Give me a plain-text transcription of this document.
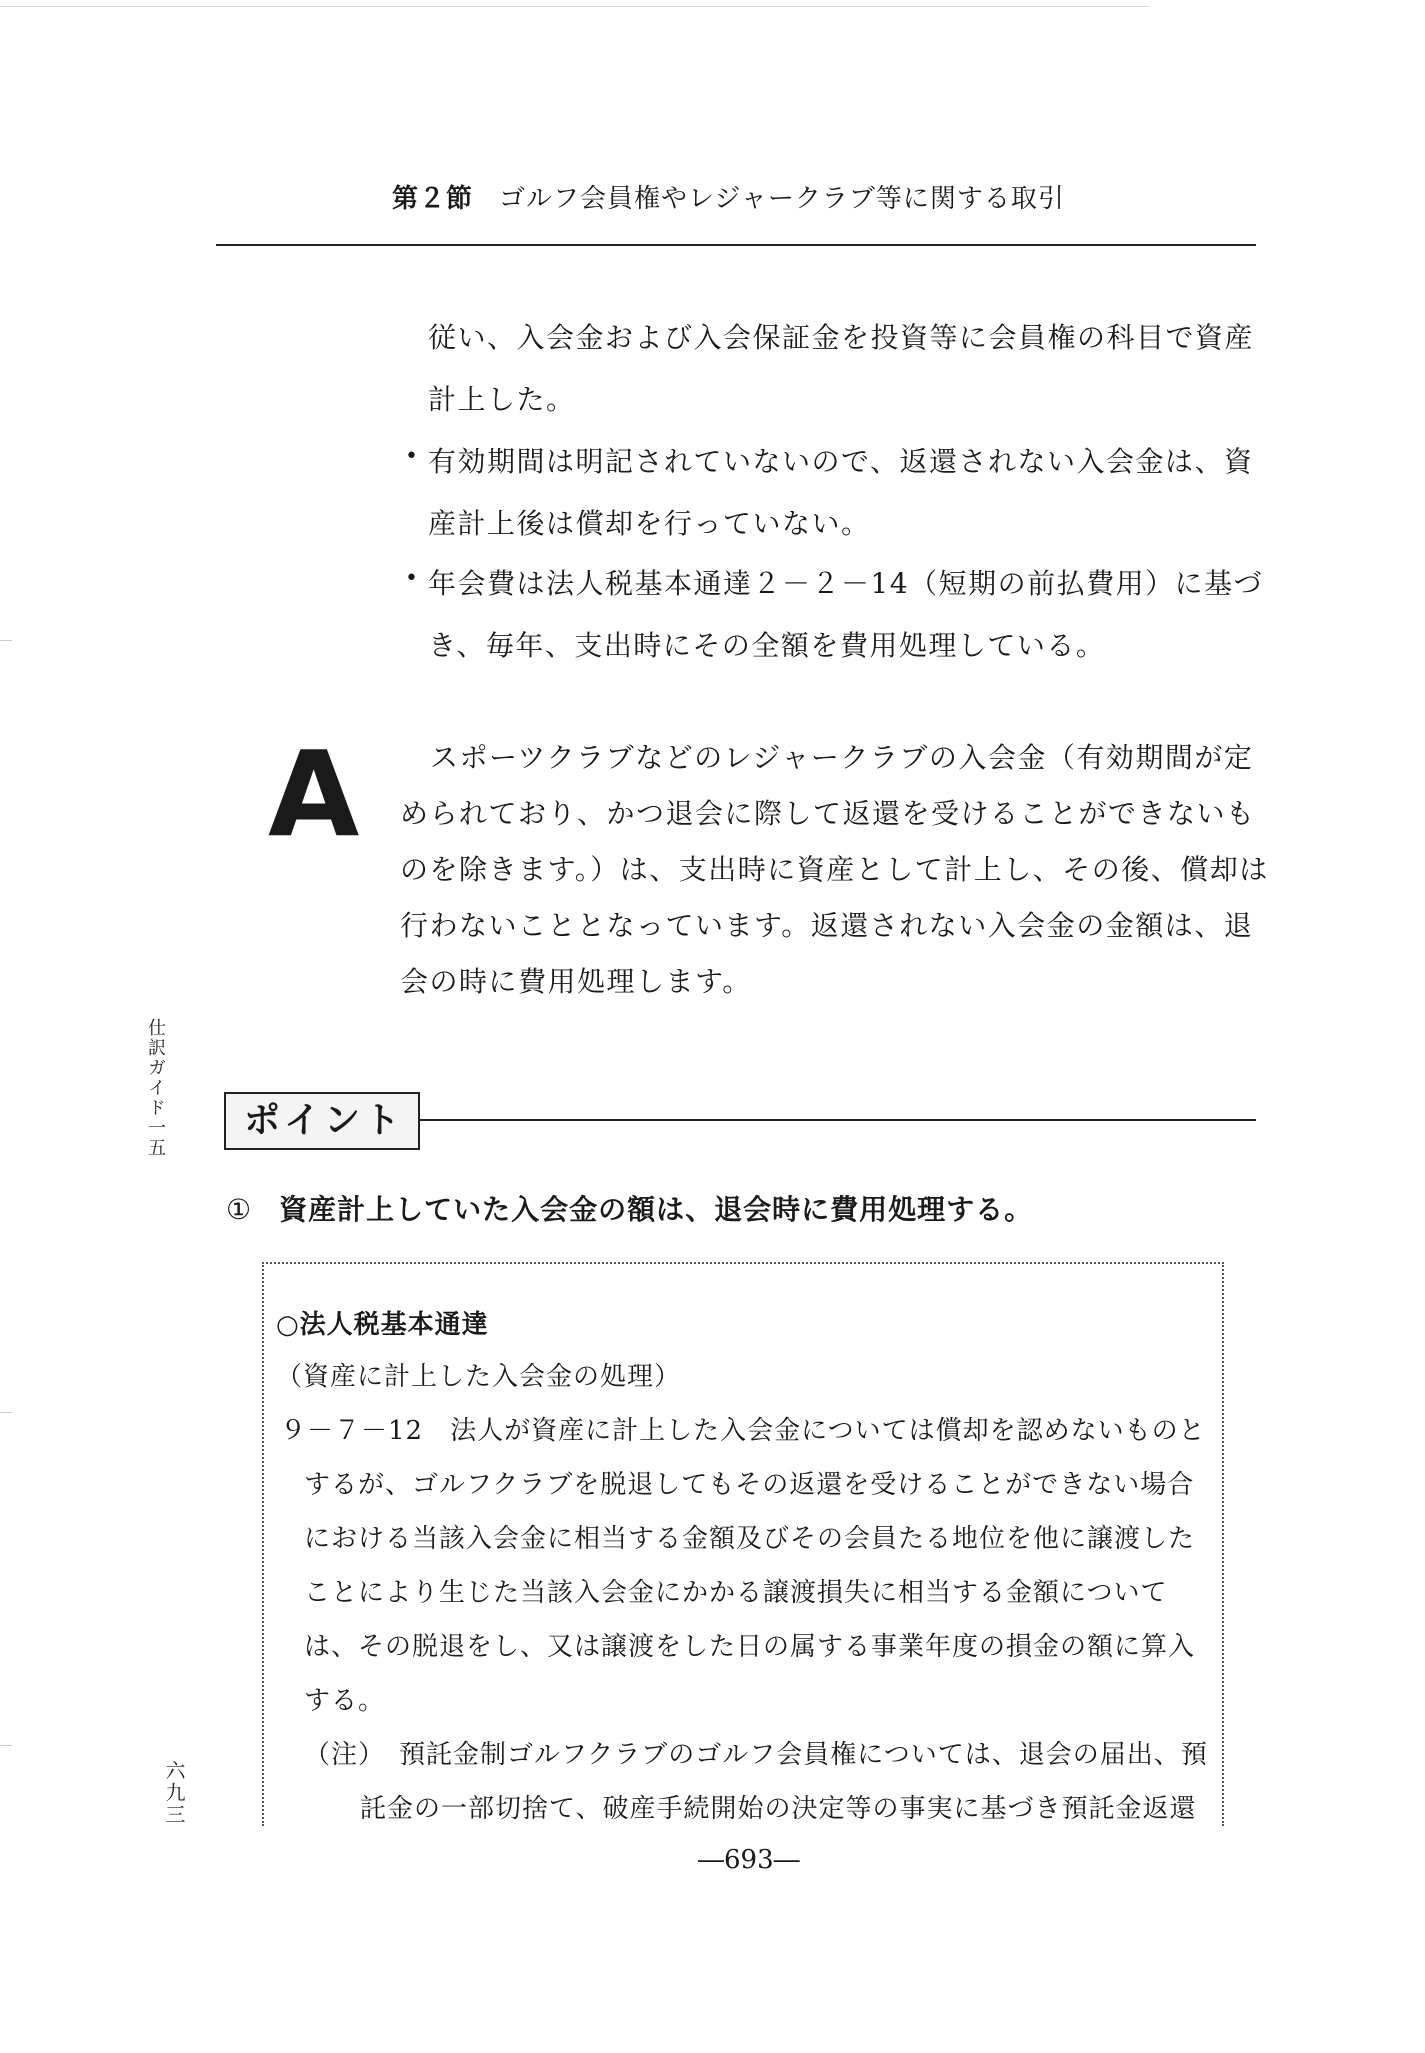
第２節 ゴルフ会員権やレジャークラブ等に関する取引
従い、入会金および入会保証金を投資等に会員権の科目で資産
計上した。
• 有効期間は明記されていないので、返還されない入会金は、資
産計上後は償却を行っていない。
• 年会費は法人税基本通達２－２－14（短期の前払費用）に基づ
き、毎年、支出時にその全額を費用処理している。
A	スポーツクラブなどのレジャークラブの入会金（有効期間が定
められており、かつ退会に際して返還を受けることができないも
のを除きます。）は、支出時に資産として計上し、その後、償却は
行わないこととなっています。返還されない入会金の金額は、退
会の時に費用処理します。
仕訳ガイド一五
六九三
ポイント
① 資産計上していた入会金の額は、退会時に費用処理する。
○法人税基本通達
（資産に計上した入会金の処理）
９－７－12　法人が資産に計上した入会金については償却を認めないものと
するが、ゴルフクラブを脱退してもその返還を受けることができない場合
における当該入会金に相当する金額及びその会員たる地位を他に譲渡した
ことにより生じた当該入会金にかかる譲渡損失に相当する金額について
は、その脱退をし、又は譲渡をした日の属する事業年度の損金の額に算入
する。
（注）　預託金制ゴルフクラブのゴルフ会員権については、退会の届出、預
託金の一部切捨て、破産手続開始の決定等の事実に基づき預託金返還
―693―
